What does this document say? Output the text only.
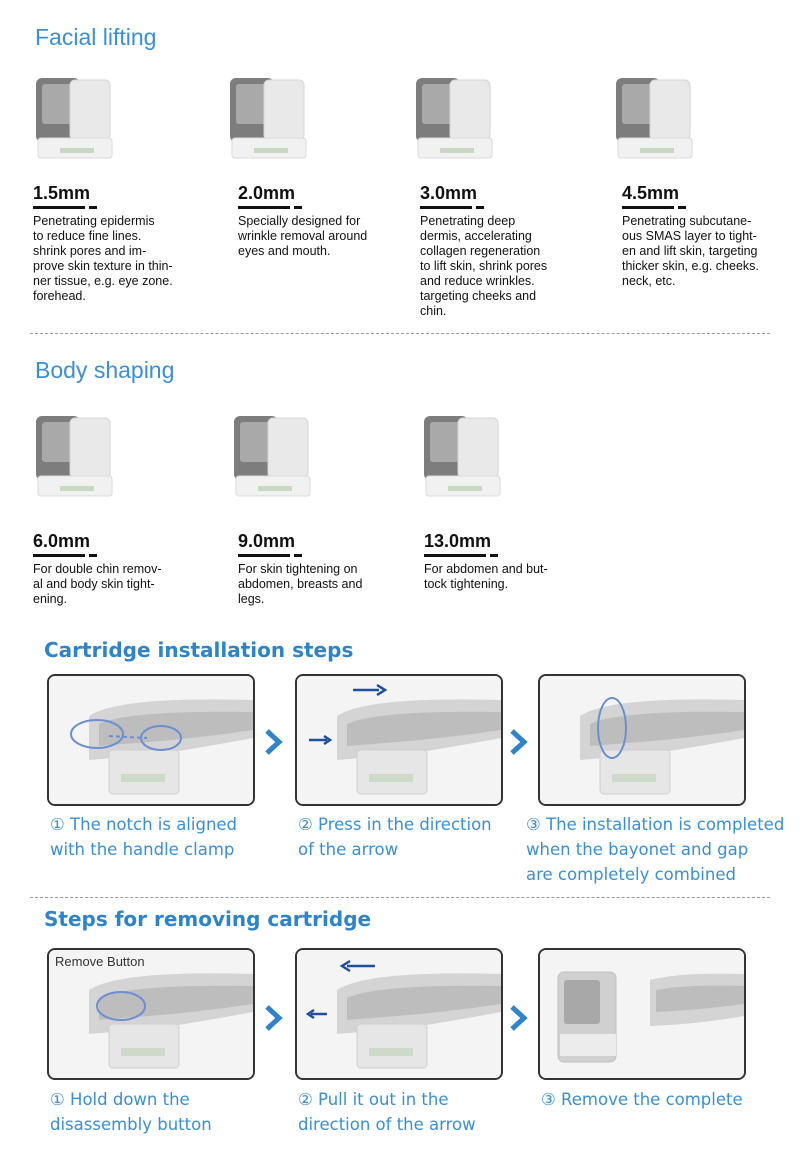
Facial lifting
1.5mm	2.0mm	3.0mm	4.5mm
Penetrating epidermis
to reduce fine lines.
shrink pores and im-
prove skin texture in thin-
ner tissue, e.g. eye zone.
forehead.
Specially designed for
wrinkle removal around
eyes and mouth.
Penetrating deep
dermis, accelerating
collagen regeneration
to lift skin, shrink pores
and reduce wrinkles.
targeting cheeks and
chin.
Penetrating subcutane-
ous SMAS layer to tight-
en and lift skin, targeting
thicker skin, e.g. cheeks.
neck, etc.
Body shaping
6.0mm	9.0mm	13.0mm
For double chin remov-
al and body skin tight-
ening.
For skin tightening on
abdomen, breasts and
legs.
For abdomen and but-
tock tightening.
Cartridge installation steps
① The notch is aligned
with the handle clamp
② Press in the direction
of the arrow
③ The installation is completed
when the bayonet and gap
are completely combined
Steps for removing cartridge
Remove Button
① Hold down the
disassembly button
② Pull it out in the
direction of the arrow
③ Remove the complete
